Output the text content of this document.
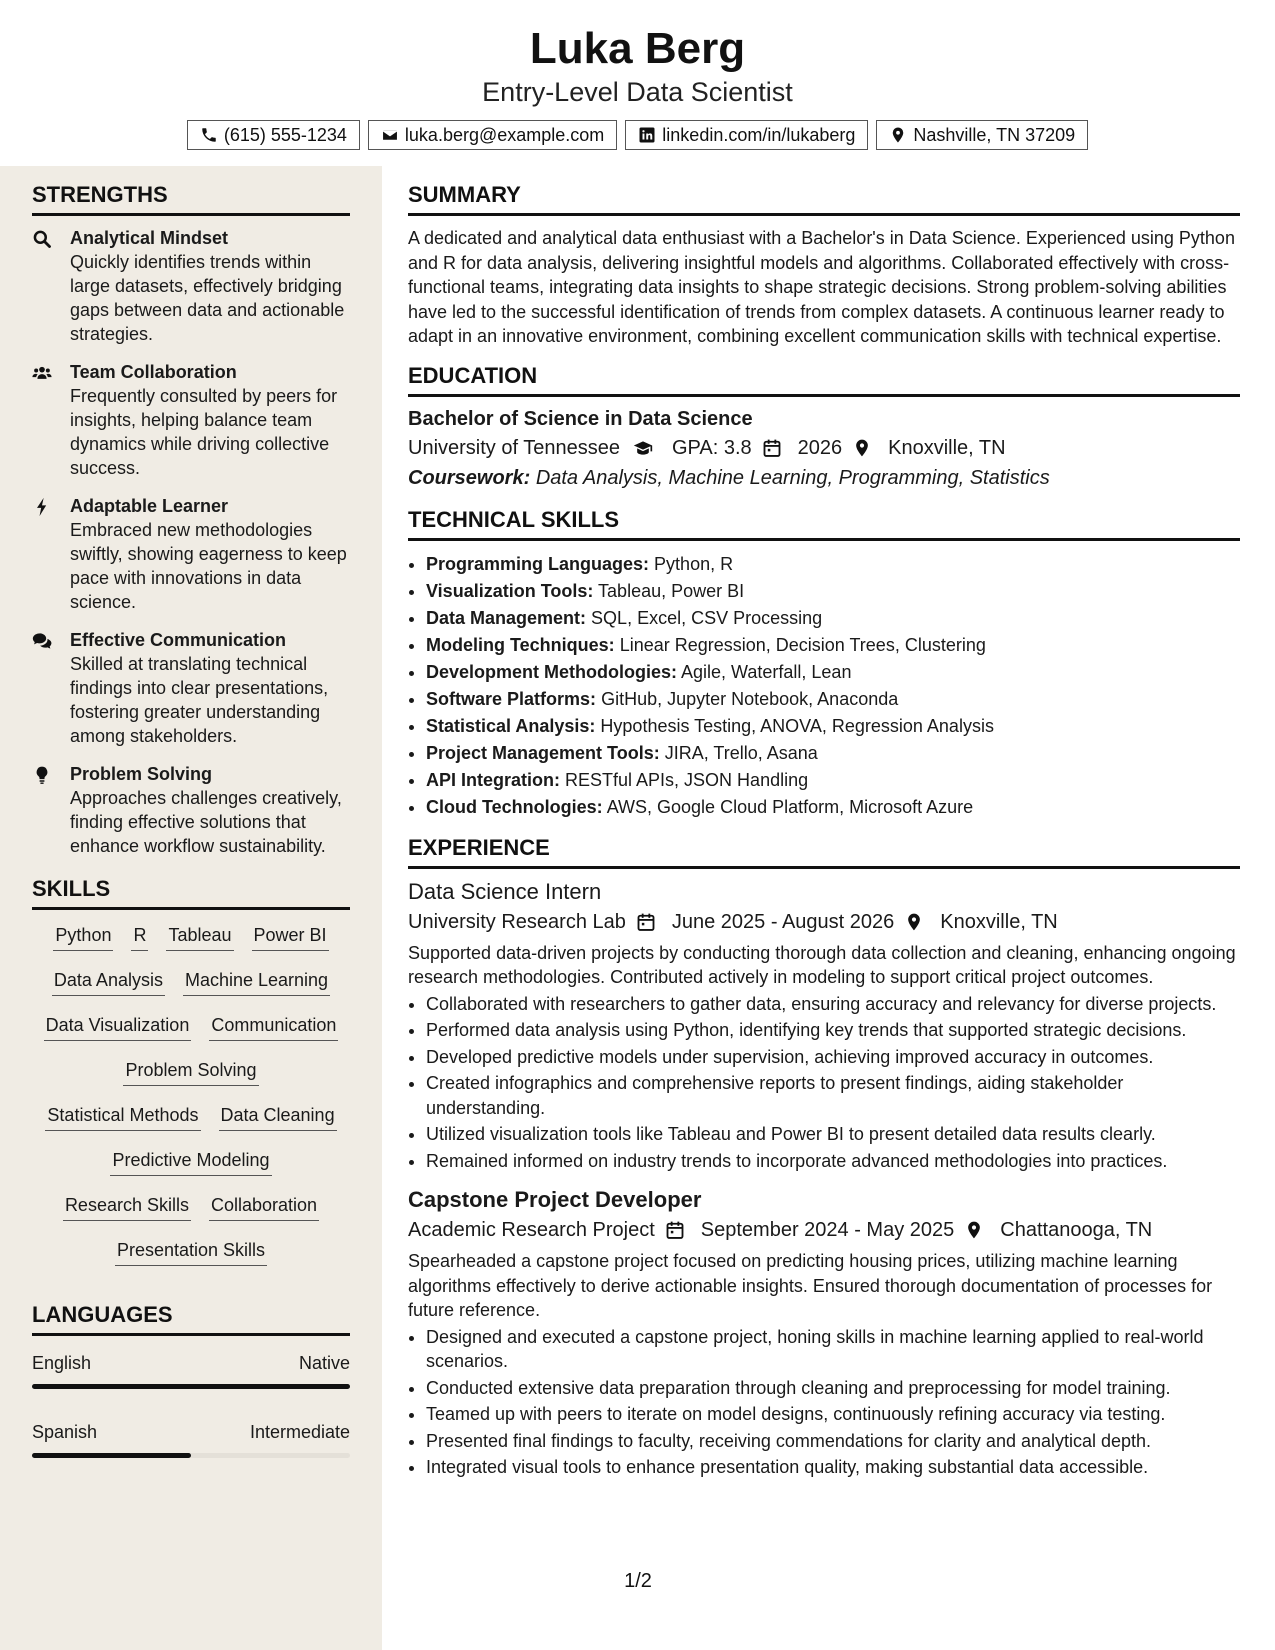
Luka Berg

Entry-Level Data Scientist

(615) 555-1234	luka.berg@example.com	linkedin.com/in/lukaberg	Nashville, TN 37209
STRENGTHS
Analytical Mindset
Quickly identifies trends within large datasets, effectively bridging gaps between data and actionable strategies.
Team Collaboration
Frequently consulted by peers for insights, helping balance team dynamics while driving collective success.
Adaptable Learner
Embraced new methodologies swiftly, showing eagerness to keep pace with innovations in data science.
Effective Communication
Skilled at translating technical findings into clear presentations, fostering greater understanding among stakeholders.
Problem Solving
Approaches challenges creatively, finding effective solutions that enhance workflow sustainability.
SKILLS
Python R Tableau Power BI
Data Analysis Machine Learning
Data Visualization Communication
Problem Solving
Statistical Methods Data Cleaning
Predictive Modeling
Research Skills Collaboration
Presentation Skills
LANGUAGES
English	Native
Spanish	Intermediate
SUMMARY
A dedicated and analytical data enthusiast with a Bachelor's in Data Science. Experienced using Python and R for data analysis, delivering insightful models and algorithms. Collaborated effectively with cross-functional teams, integrating data insights to shape strategic decisions. Strong problem-solving abilities have led to the successful identification of trends from complex datasets. A continuous learner ready to adapt in an innovative environment, combining excellent communication skills with technical expertise.
EDUCATION
Bachelor of Science in Data Science
University of Tennessee	GPA: 3.8 2026 Knoxville, TN
Coursework: Data Analysis, Machine Learning, Programming, Statistics
TECHNICAL SKILLS
• Programming Languages: Python, R
• Visualization Tools: Tableau, Power BI
• Data Management: SQL, Excel, CSV Processing
• Modeling Techniques: Linear Regression, Decision Trees, Clustering
• Development Methodologies: Agile, Waterfall, Lean
• Software Platforms: GitHub, Jupyter Notebook, Anaconda
• Statistical Analysis: Hypothesis Testing, ANOVA, Regression Analysis
• Project Management Tools: JIRA, Trello, Asana
• API Integration: RESTful APIs, JSON Handling
• Cloud Technologies: AWS, Google Cloud Platform, Microsoft Azure
EXPERIENCE
Data Science Intern
University Research Lab June 2025 - August 2026 Knoxville, TN
Supported data-driven projects by conducting thorough data collection and cleaning, enhancing ongoing research methodologies. Contributed actively in modeling to support critical project outcomes.
• Collaborated with researchers to gather data, ensuring accuracy and relevancy for diverse projects.
• Performed data analysis using Python, identifying key trends that supported strategic decisions.
• Developed predictive models under supervision, achieving improved accuracy in outcomes.
• Created infographics and comprehensive reports to present findings, aiding stakeholder understanding.
• Utilized visualization tools like Tableau and Power BI to present detailed data results clearly.
• Remained informed on industry trends to incorporate advanced methodologies into practices.
Capstone Project Developer
Academic Research Project September 2024 - May 2025 Chattanooga, TN
Spearheaded a capstone project focused on predicting housing prices, utilizing machine learning algorithms effectively to derive actionable insights. Ensured thorough documentation of processes for future reference.
• Designed and executed a capstone project, honing skills in machine learning applied to real-world scenarios.
• Conducted extensive data preparation through cleaning and preprocessing for model training.
• Teamed up with peers to iterate on model designs, continuously refining accuracy via testing.
• Presented final findings to faculty, receiving commendations for clarity and analytical depth.
• Integrated visual tools to enhance presentation quality, making substantial data accessible.
1/2
